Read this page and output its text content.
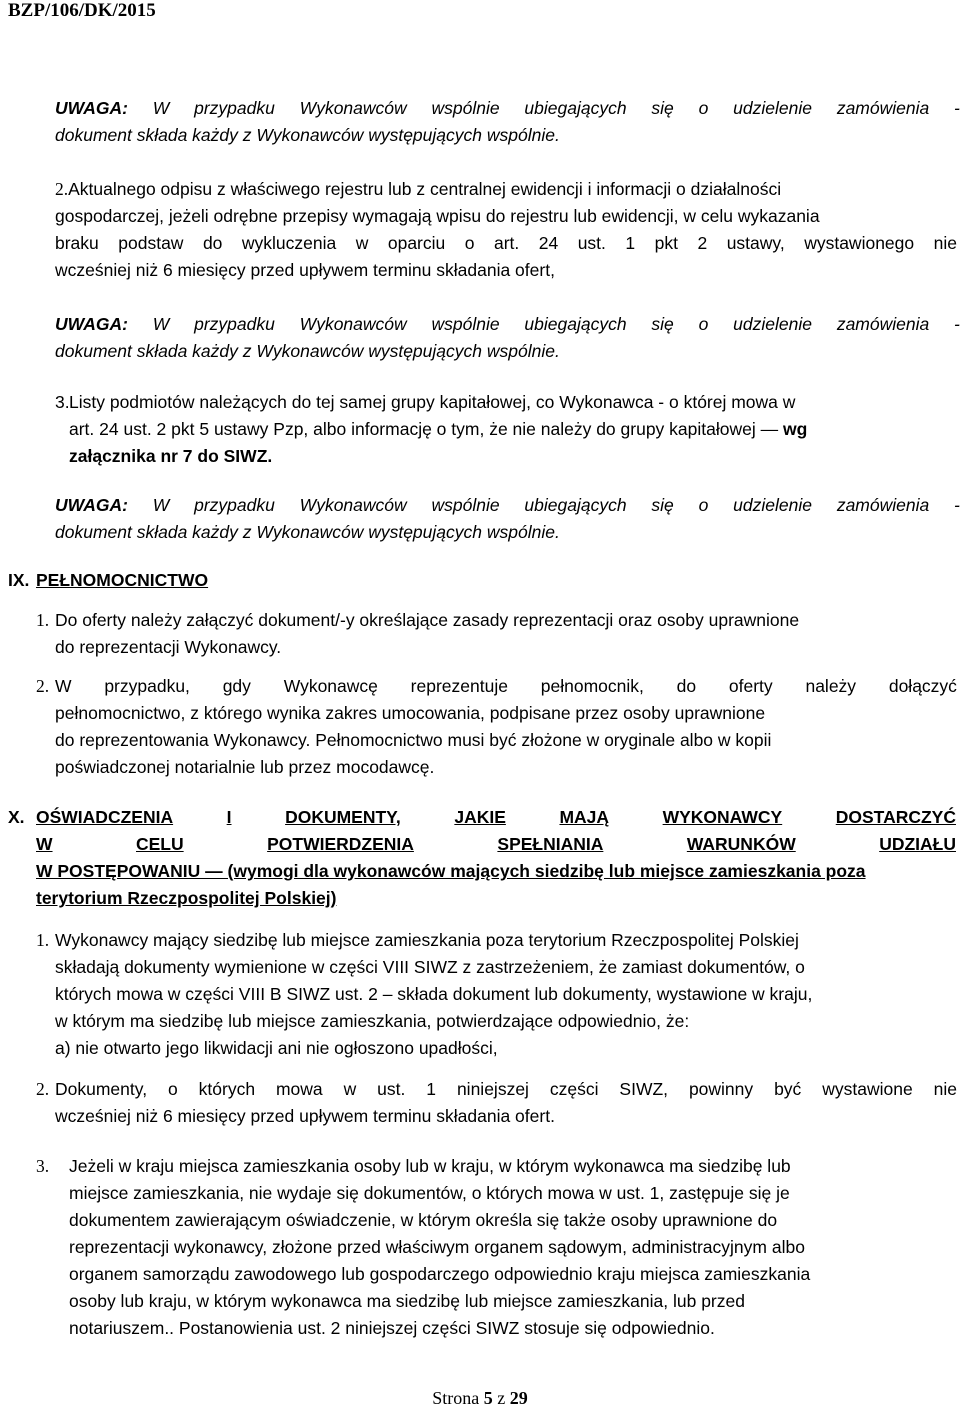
BZP/106/DK/2015
UWAGA: W przypadku Wykonawców wspólnie ubiegających się o udzielenie zamówienia -
dokument składa każdy z Wykonawców występujących wspólnie.
2.Aktualnego odpisu z właściwego rejestru lub z centralnej ewidencji i informacji o działalności
gospodarczej, jeżeli odrębne przepisy wymagają wpisu do rejestru lub ewidencji, w celu wykazania
braku podstaw do wykluczenia w oparciu o art. 24 ust. 1 pkt 2 ustawy, wystawionego nie
wcześniej niż 6 miesięcy przed upływem terminu składania ofert,
UWAGA: W przypadku Wykonawców wspólnie ubiegających się o udzielenie zamówienia -
dokument składa każdy z Wykonawców występujących wspólnie.
3. Listy podmiotów należących do tej samej grupy kapitałowej, co Wykonawca - o której mowa w
art. 24 ust. 2 pkt 5 ustawy Pzp, albo informację o tym, że nie należy do grupy kapitałowej — wg
załącznika nr 7 do SIWZ.
UWAGA: W przypadku Wykonawców wspólnie ubiegających się o udzielenie zamówienia -
dokument składa każdy z Wykonawców występujących wspólnie.
IX. PEŁNOMOCNICTWO
1. Do oferty należy załączyć dokument/-y określające zasady reprezentacji oraz osoby uprawnione
do reprezentacji Wykonawcy.
2. W przypadku, gdy Wykonawcę reprezentuje pełnomocnik, do oferty należy dołączyć
pełnomocnictwo, z którego wynika zakres umocowania, podpisane przez osoby uprawnione
do reprezentowania Wykonawcy. Pełnomocnictwo musi być złożone w oryginale albo w kopii
poświadczonej notarialnie lub przez mocodawcę.
X. OŚWIADCZENIA	I	DOKUMENTY,	JAKIE	MAJĄ	WYKONAWCY	DOSTARCZYĆ
W	CELU	POTWIERDZENIA	SPEŁNIANIA	WARUNKÓW	UDZIAŁU
W POSTĘPOWANIU — (wymogi dla wykonawców mających siedzibę lub miejsce zamieszkania poza
terytorium Rzeczpospolitej Polskiej)
1. Wykonawcy mający siedzibę lub miejsce zamieszkania poza terytorium Rzeczpospolitej Polskiej
składają dokumenty wymienione w części VIII SIWZ z zastrzeżeniem, że zamiast dokumentów, o
których mowa w części VIII B SIWZ ust. 2 – składa dokument lub dokumenty, wystawione w kraju,
w którym ma siedzibę lub miejsce zamieszkania, potwierdzające odpowiednio, że:
a) nie otwarto jego likwidacji ani nie ogłoszono upadłości,
2. Dokumenty, o których mowa w ust. 1 niniejszej części SIWZ, powinny być wystawione nie
wcześniej niż 6 miesięcy przed upływem terminu składania ofert.
3. Jeżeli w kraju miejsca zamieszkania osoby lub w kraju, w którym wykonawca ma siedzibę lub
miejsce zamieszkania, nie wydaje się dokumentów, o których mowa w ust. 1, zastępuje się je
dokumentem zawierającym oświadczenie, w którym określa się także osoby uprawnione do
reprezentacji wykonawcy, złożone przed właściwym organem sądowym, administracyjnym albo
organem samorządu zawodowego lub gospodarczego odpowiednio kraju miejsca zamieszkania
osoby lub kraju, w którym wykonawca ma siedzibę lub miejsce zamieszkania, lub przed
notariuszem.. Postanowienia ust. 2 niniejszej części SIWZ stosuje się odpowiednio.
Strona 5 z 29
